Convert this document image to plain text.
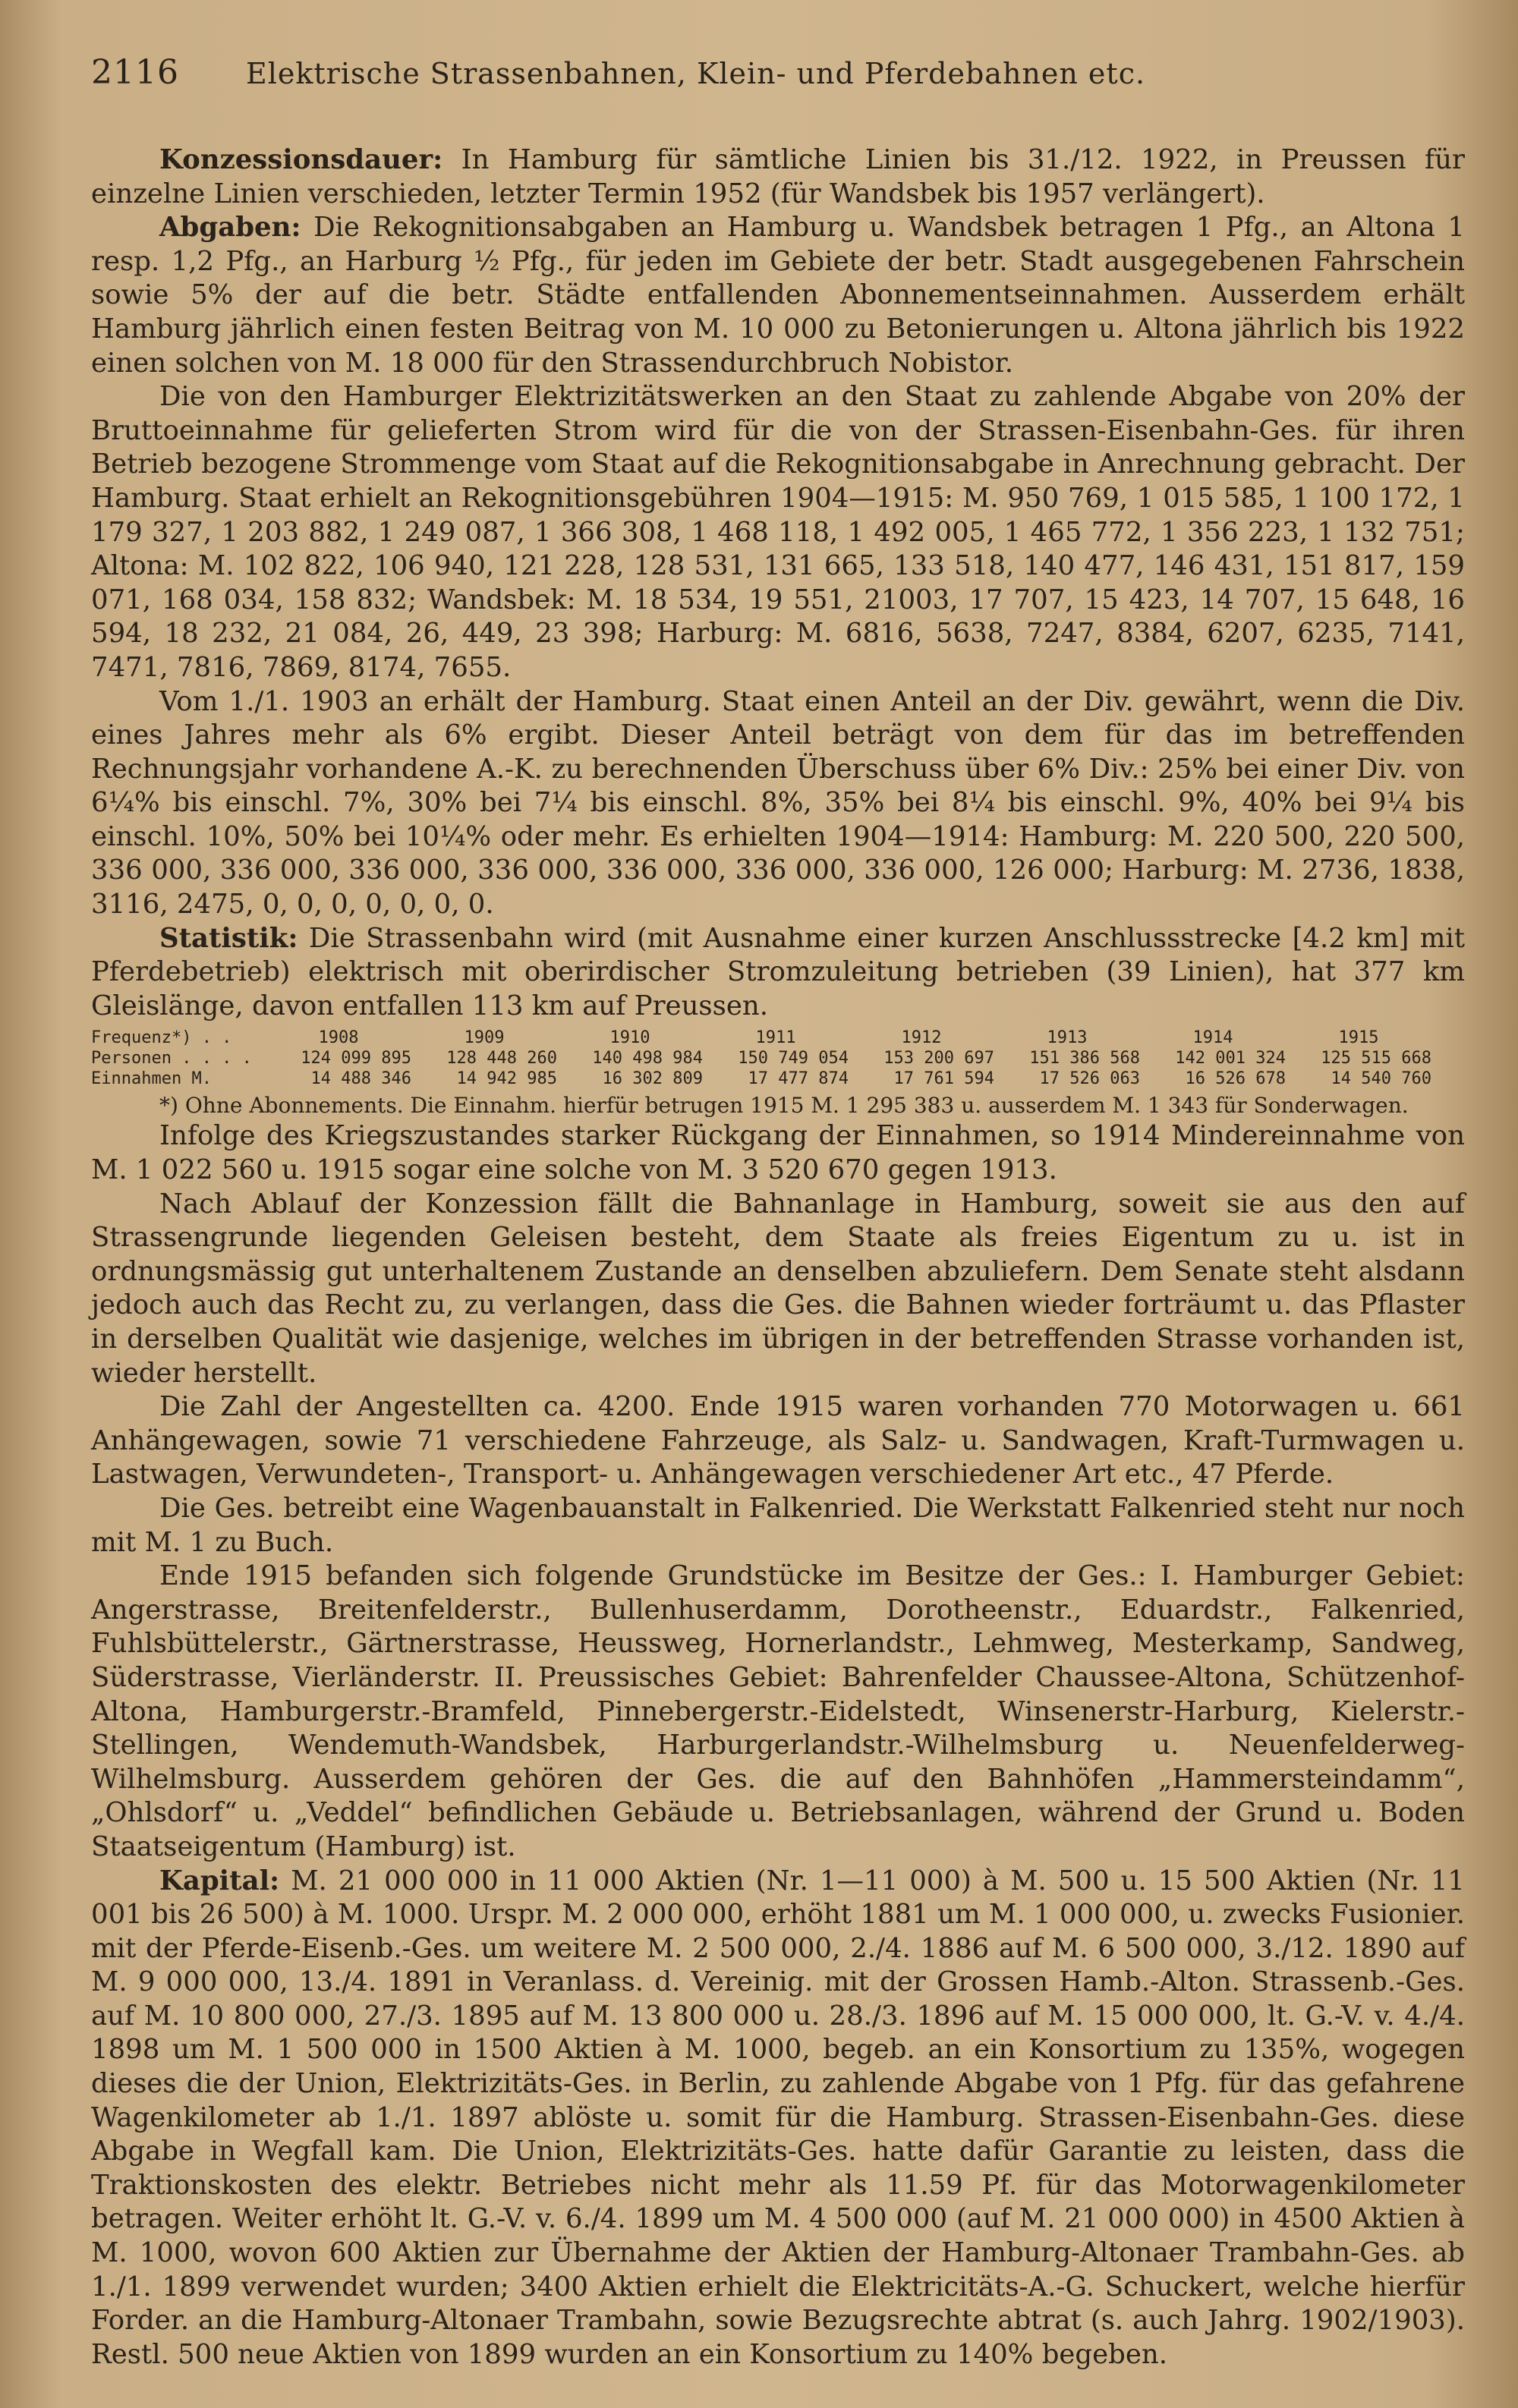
2116 Elektrische Strassenbahnen, Klein- und Pferdebahnen etc.

Konzessionsdauer: In Hamburg für sämtliche Linien bis 31./12. 1922, in Preussen für einzelne Linien verschieden, letzter Termin 1952 (für Wandsbek bis 1957 verlängert).

Abgaben: Die Rekognitionsabgaben an Hamburg u. Wandsbek betragen 1 Pfg., an Altona 1 resp. 1,2 Pfg., an Harburg ½ Pfg., für jeden im Gebiete der betr. Stadt ausgegebenen Fahrschein sowie 5% der auf die betr. Städte entfallenden Abonnementseinnahmen. Ausserdem erhält Hamburg jährlich einen festen Beitrag von M. 10 000 zu Betonierungen u. Altona jährlich bis 1922 einen solchen von M. 18 000 für den Strassendurchbruch Nobistor.

Die von den Hamburger Elektrizitätswerken an den Staat zu zahlende Abgabe von 20% der Bruttoeinnahme für gelieferten Strom wird für die von der Strassen-Eisenbahn-Ges. für ihren Betrieb bezogene Strommenge vom Staat auf die Rekognitionsabgabe in Anrechnung gebracht. Der Hamburg. Staat erhielt an Rekognitionsgebühren 1904—1915: M. 950 769, 1 015 585, 1 100 172, 1 179 327, 1 203 882, 1 249 087, 1 366 308, 1 468 118, 1 492 005, 1 465 772, 1 356 223, 1 132 751; Altona: M. 102 822, 106 940, 121 228, 128 531, 131 665, 133 518, 140 477, 146 431, 151 817, 159 071, 168 034, 158 832; Wandsbek: M. 18 534, 19 551, 21003, 17 707, 15 423, 14 707, 15 648, 16 594, 18 232, 21 084, 26, 449, 23 398; Harburg: M. 6816, 5638, 7247, 8384, 6207, 6235, 7141, 7471, 7816, 7869, 8174, 7655.

Vom 1./1. 1903 an erhält der Hamburg. Staat einen Anteil an der Div. gewährt, wenn die Div. eines Jahres mehr als 6% ergibt. Dieser Anteil beträgt von dem für das im betreffenden Rechnungsjahr vorhandene A.-K. zu berechnenden Überschuss über 6% Div.: 25% bei einer Div. von 6¼% bis einschl. 7%, 30% bei 7¼ bis einschl. 8%, 35% bei 8¼ bis einschl. 9%, 40% bei 9¼ bis einschl. 10%, 50% bei 10¼% oder mehr. Es erhielten 1904—1914: Hamburg: M. 220 500, 220 500, 336 000, 336 000, 336 000, 336 000, 336 000, 336 000, 336 000, 126 000; Harburg: M. 2736, 1838, 3116, 2475, 0, 0, 0, 0, 0, 0, 0.

Statistik: Die Strassenbahn wird (mit Ausnahme einer kurzen Anschlussstrecke [4.2 km] mit Pferdebetrieb) elektrisch mit oberirdischer Stromzuleitung betrieben (39 Linien), hat 377 km Gleislänge, davon entfallen 113 km auf Preussen.

Frequenz*) . .	1908	1909	1910	1911	1912	1913	1914	1915
Personen . . . .	124 099 895	128 448 260	140 498 984	150 749 054	153 200 697	151 386 568	142 001 324	125 515 668
Einnahmen M.	14 488 346	14 942 985	16 302 809	17 477 874	17 761 594	17 526 063	16 526 678	14 540 760

*) Ohne Abonnements. Die Einnahm. hierfür betrugen 1915 M. 1 295 383 u. ausserdem M. 1 343 für Sonderwagen.

Infolge des Kriegszustandes starker Rückgang der Einnahmen, so 1914 Mindereinnahme von M. 1 022 560 u. 1915 sogar eine solche von M. 3 520 670 gegen 1913.

Nach Ablauf der Konzession fällt die Bahnanlage in Hamburg, soweit sie aus den auf Strassengrunde liegenden Geleisen besteht, dem Staate als freies Eigentum zu u. ist in ordnungsmässig gut unterhaltenem Zustande an denselben abzuliefern. Dem Senate steht alsdann jedoch auch das Recht zu, zu verlangen, dass die Ges. die Bahnen wieder forträumt u. das Pflaster in derselben Qualität wie dasjenige, welches im übrigen in der betreffenden Strasse vorhanden ist, wieder herstellt.

Die Zahl der Angestellten ca. 4200. Ende 1915 waren vorhanden 770 Motorwagen u. 661 Anhängewagen, sowie 71 verschiedene Fahrzeuge, als Salz- u. Sandwagen, Kraft-Turmwagen u. Lastwagen, Verwundeten-, Transport- u. Anhängewagen verschiedener Art etc., 47 Pferde.

Die Ges. betreibt eine Wagenbauanstalt in Falkenried. Die Werkstatt Falkenried steht nur noch mit M. 1 zu Buch.

Ende 1915 befanden sich folgende Grundstücke im Besitze der Ges.: I. Hamburger Gebiet: Angerstrasse, Breitenfelderstr., Bullenhuserdamm, Dorotheenstr., Eduardstr., Falkenried, Fuhlsbüttelerstr., Gärtnerstrasse, Heussweg, Hornerlandstr., Lehmweg, Mesterkamp, Sandweg, Süderstrasse, Vierländerstr. II. Preussisches Gebiet: Bahrenfelder Chaussee-Altona, Schützenhof-Altona, Hamburgerstr.-Bramfeld, Pinnebergerstr.-Eidelstedt, Winsenerstr-Harburg, Kielerstr.-Stellingen, Wendemuth-Wandsbek, Harburgerlandstr.-Wilhelmsburg u. Neuenfelderweg-Wilhelmsburg. Ausserdem gehören der Ges. die auf den Bahnhöfen „Hammersteindamm“, „Ohlsdorf“ u. „Veddel“ befindlichen Gebäude u. Betriebsanlagen, während der Grund u. Boden Staatseigentum (Hamburg) ist.

Kapital: M. 21 000 000 in 11 000 Aktien (Nr. 1—11 000) à M. 500 u. 15 500 Aktien (Nr. 11 001 bis 26 500) à M. 1000. Urspr. M. 2 000 000, erhöht 1881 um M. 1 000 000, u. zwecks Fusionier. mit der Pferde-Eisenb.-Ges. um weitere M. 2 500 000, 2./4. 1886 auf M. 6 500 000, 3./12. 1890 auf M. 9 000 000, 13./4. 1891 in Veranlass. d. Vereinig. mit der Grossen Hamb.-Alton. Strassenb.-Ges. auf M. 10 800 000, 27./3. 1895 auf M. 13 800 000 u. 28./3. 1896 auf M. 15 000 000, lt. G.-V. v. 4./4. 1898 um M. 1 500 000 in 1500 Aktien à M. 1000, begeb. an ein Konsortium zu 135%, wogegen dieses die der Union, Elektrizitäts-Ges. in Berlin, zu zahlende Abgabe von 1 Pfg. für das gefahrene Wagenkilometer ab 1./1. 1897 ablöste u. somit für die Hamburg. Strassen-Eisenbahn-Ges. diese Abgabe in Wegfall kam. Die Union, Elektrizitäts-Ges. hatte dafür Garantie zu leisten, dass die Traktionskosten des elektr. Betriebes nicht mehr als 11.59 Pf. für das Motorwagenkilometer betragen. Weiter erhöht lt. G.-V. v. 6./4. 1899 um M. 4 500 000 (auf M. 21 000 000) in 4500 Aktien à M. 1000, wovon 600 Aktien zur Übernahme der Aktien der Hamburg-Altonaer Trambahn-Ges. ab 1./1. 1899 verwendet wurden; 3400 Aktien erhielt die Elektricitäts-A.-G. Schuckert, welche hierfür Forder. an die Hamburg-Altonaer Trambahn, sowie Bezugsrechte abtrat (s. auch Jahrg. 1902/1903). Restl. 500 neue Aktien von 1899 wurden an ein Konsortium zu 140% begeben.
